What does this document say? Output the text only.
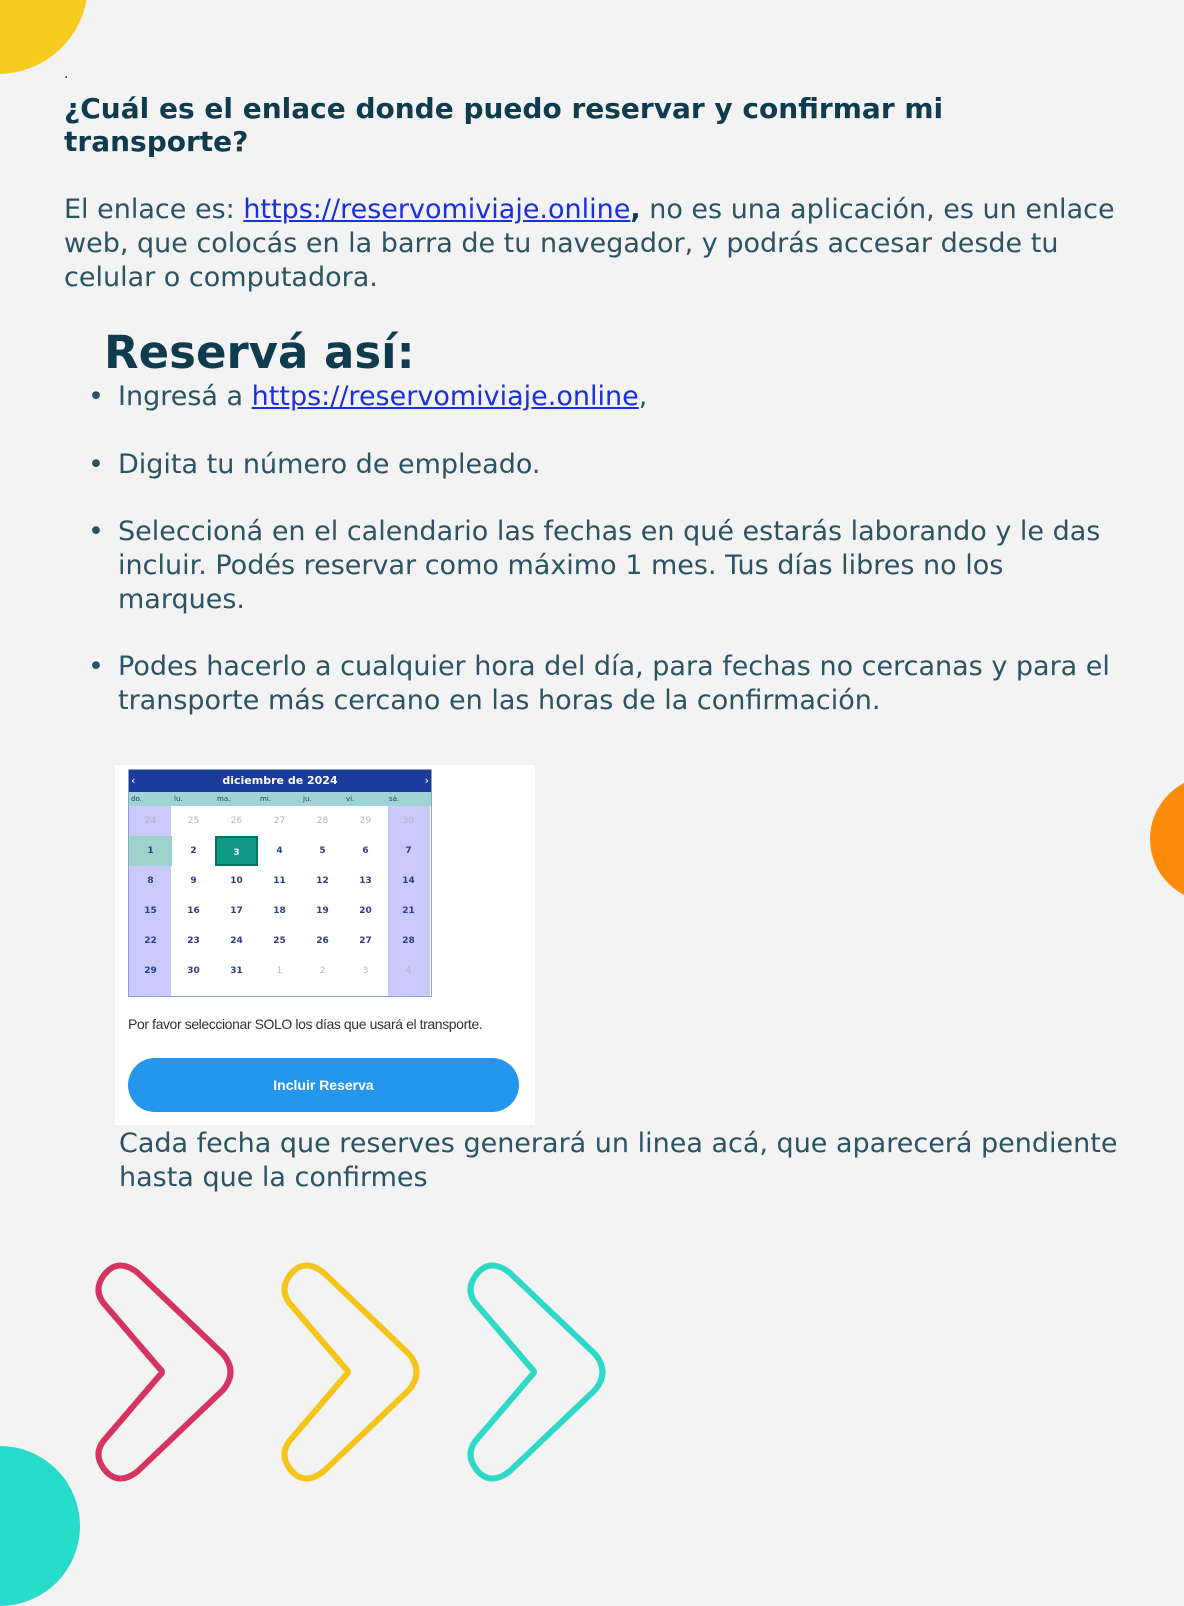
.
¿Cuál es el enlace donde puedo reservar y confirmar mi transporte?
El enlace es: https://reservomiviaje.online, no es una aplicación, es un enlace web, que colocás en la barra de tu navegador, y podrás accesar desde tu celular o computadora.
Reservá así:
• Ingresá a https://reservomiviaje.online,
• Digita tu número de empleado.
• Seleccioná en el calendario las fechas en qué estarás laborando y le das incluir. Podés reservar como máximo 1 mes. Tus días libres no los marques.
• Podes hacerlo a cualquier hora del día, para fechas no cercanas y para el transporte más cercano en las horas de la confirmación.
diciembre de 2024
‹	›
do.	lu.	ma.	mi.	ju.	vi.	sá.
24	25	26	27	28	29	30
1	2	3	4	5	6	7
8	9	10	11	12	13	14
15	16	17	18	19	20	21
22	23	24	25	26	27	28
29	30	31	1	2	3	4
Por favor seleccionar SOLO los días que usará el transporte.
Incluir Reserva
Cada fecha que reserves generará un linea acá, que aparecerá pendiente hasta que la confirmes
